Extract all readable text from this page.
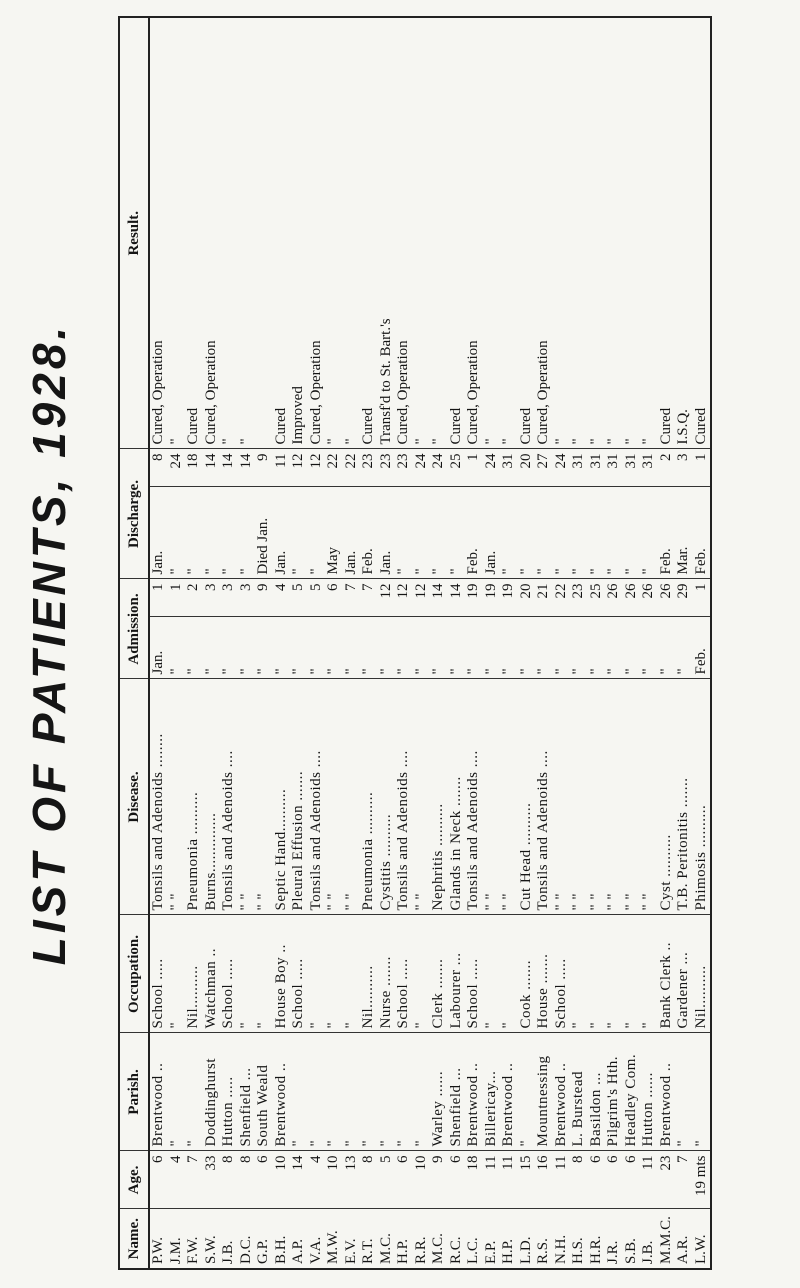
LIST OF PATIENTS, 1928.
Name.	Age.	Parish.	Occupation.	Disease.	Admission.		Discharge.		Result.
P.W.	6	Brentwood ..	School .....	Tonsils and Adenoids ........	Jan.	1	Jan.	8	Cured, Operation
J.M.	4	"	"	" "	"	1	"	24	"
F.W.	7	"	Nil..........	Pneumonia ..........	"	2	"	18	Cured
S.W.	33	Doddinghurst	Watchman ..	Burns..............	"	3	"	14	Cured, Operation
J.B.	8	Hutton .....	School .....	Tonsils and Adenoids ....	"	3	"	14	"
D.C.	8	Shenfield ...	"	" "	"	3	"	14	"
G.P.	6	South Weald	"	" "	"	9	Died Jan.	9	
B.H.	10	Brentwood ..	House Boy ..	Septic Hand..........	"	4	Jan.	11	Cured
A.P.	14	"	School .....	Pleural Effusion .......	"	5	"	12	Improved
V.A.	4	"	"	Tonsils and Adenoids ....	"	5	"	12	Cured, Operation
M.W.	10	"	"	" "	"	6	May	22	"
E.V.	13	"	"	" "	"	7	Jan.	22	"
R.T.	8	"	Nil..........	Pneumonia ..........	"	7	Feb.	23	Cured
M.C.	5	"	Nurse .......	Cystitis ..........	"	12	Jan.	23	Transf'd to St. Bart.'s
H.P.	6	"	School .....	Tonsils and Adenoids ....	"	12	"	23	Cured, Operation
R.R.	10	"	"	" "	"	12	"	24	"
M.C.	9	Warley ......	Clerk .......	Nephritis ..........	"	14	"	24	"
R.C.	6	Shenfield ...	Labourer ...	Glands in Neck .......	"	14	"	25	Cured
L.C.	18	Brentwood ..	School .....	Tonsils and Adenoids ....	"	19	Feb.	1	Cured, Operation
E.P.	11	Billericay...	"	" "	"	19	Jan.	24	"
H.P.	11	Brentwood ..	"	" "	"	19	"	31	"
L.D.	15	"	Cook .......	Cut Head ..........	"	20	"	20	Cured
R.S.	16	Mountnessing	House .......	Tonsils and Adenoids ....	"	21	"	27	Cured, Operation
N.H.	11	Brentwood ..	School .....	" "	"	22	"	24	"
H.S.	8	L. Burstead	"	" "	"	23	"	31	"
H.R.	6	Basildon ...	"	" "	"	25	"	31	"
J.R.	6	Pilgrim's Hth.	"	" "	"	26	"	31	"
S.B.	6	Headley Com.	"	" "	"	26	"	31	"
J.B.	11	Hutton ......	"	" "	"	26	"	31	"
M.M.C.	23	Brentwood ..	Bank Clerk ..	Cyst ..........	"	26	Feb.	2	Cured
A.R.	7	"	Gardener ...	T.B. Peritonitis .......	"	29	Mar.	3	I.S.Q.
L.W.	19 mts	"	Nil..........	Phimosis ..........	Feb.	1	Feb.	1	Cured
